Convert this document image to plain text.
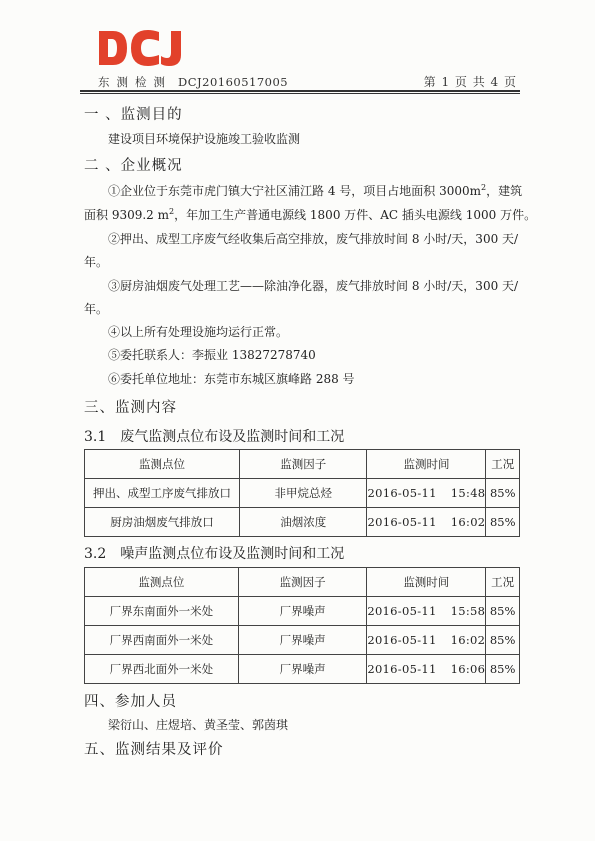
东测检测 DCJ20160517005	第 1 页 共 4 页
一 、监测目的
建设项目环境保护设施竣工验收监测
二 、企业概况
①企业位于东莞市虎门镇大宁社区浦江路 4 号，项目占地面积 $3000m^2$，建筑
面积 9309.2 $m^2$，年加工生产普通电源线 1800 万件、AC 插头电源线 1000 万件。
②押出、成型工序废气经收集后高空排放，废气排放时间 8 小时/天，300 天/
年。
③厨房油烟废气处理工艺——除油净化器，废气排放时间 8 小时/天，300 天/
年。
④以上所有处理设施均运行正常。
⑤委托联系人：李振业 13827278740
⑥委托单位地址：东莞市东城区旗峰路 288 号
三、监测内容
3.1 废气监测点位布设及监测时间和工况
监测点位	监测因子	监测时间	工况
押出、成型工序废气排放口	非甲烷总烃	2016-05-11 15:48	85%
厨房油烟废气排放口	油烟浓度	2016-05-11 16:02	85%
3.2 噪声监测点位布设及监测时间和工况
监测点位	监测因子	监测时间	工况
厂界东南面外一米处	厂界噪声	2016-05-11 15:58	85%
厂界西南面外一米处	厂界噪声	2016-05-11 16:02	85%
厂界西北面外一米处	厂界噪声	2016-05-11 16:06	85%
四、参加人员
梁衍山、庄煜培、黄圣莹、郭茵琪
五、监测结果及评价
